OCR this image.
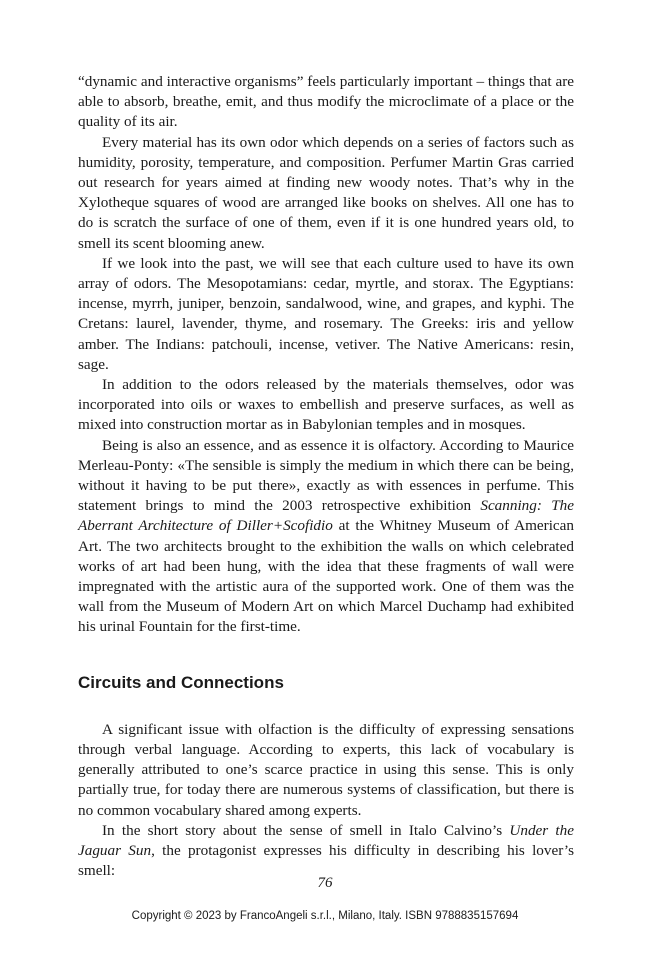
“dynamic and interactive organisms” feels particularly important – things that are able to absorb, breathe, emit, and thus modify the microclimate of a place or the quality of its air.

Every material has its own odor which depends on a series of factors such as humidity, porosity, temperature, and composition. Perfumer Martin Gras carried out research for years aimed at finding new woody notes. That’s why in the Xylotheque squares of wood are arranged like books on shelves. All one has to do is scratch the surface of one of them, even if it is one hundred years old, to smell its scent blooming anew.

If we look into the past, we will see that each culture used to have its own array of odors. The Mesopotamians: cedar, myrtle, and storax. The Egyptians: incense, myrrh, juniper, benzoin, sandalwood, wine, and grapes, and kyphi. The Cretans: laurel, lavender, thyme, and rosemary. The Greeks: iris and yellow amber. The Indians: patchouli, incense, vetiver. The Native Americans: resin, sage.

In addition to the odors released by the materials themselves, odor was incorporated into oils or waxes to embellish and preserve surfaces, as well as mixed into construction mortar as in Babylonian temples and in mosques.

Being is also an essence, and as essence it is olfactory. According to Maurice Merleau-Ponty: «The sensible is simply the medium in which there can be being, without it having to be put there», exactly as with essences in perfume. This statement brings to mind the 2003 retrospective exhibition Scanning: The Aberrant Architecture of Diller+Scofidio at the Whitney Museum of American Art. The two architects brought to the exhibition the walls on which celebrated works of art had been hung, with the idea that these fragments of wall were impregnated with the artistic aura of the supported work. One of them was the wall from the Museum of Modern Art on which Marcel Duchamp had exhibited his urinal Fountain for the first-time.

Circuits and Connections

A significant issue with olfaction is the difficulty of expressing sensations through verbal language. According to experts, this lack of vocabulary is generally attributed to one’s scarce practice in using this sense. This is only partially true, for today there are numerous systems of classification, but there is no common vocabulary shared among experts.

In the short story about the sense of smell in Italo Calvino’s Under the Jaguar Sun, the protagonist expresses his difficulty in describing his lover’s smell:

76
Copyright © 2023 by FrancoAngeli s.r.l., Milano, Italy. ISBN 9788835157694
